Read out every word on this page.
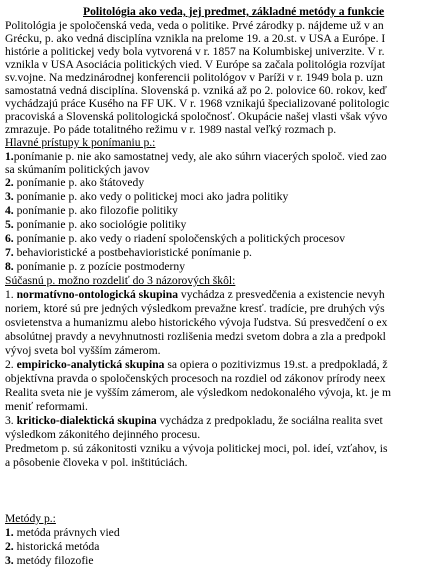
Politológia ako veda, jej predmet, základné metódy a funkcie
Politológia je spoločenská veda, veda o politike. Prvé zárodky p. nájdeme už v an
Grécku, p. ako vedná disciplína vznikla na prelome 19. a 20.st. v USA a Európe. I
histórie a politickej vedy bola vytvorená v r. 1857 na Kolumbiskej univerzite. V r.
vznikla v USA Asociácia politických vied. V Európe sa začala politológia rozvíjat
sv.vojne. Na medzinárodnej konferencii politológov v Paríži v r. 1949 bola p. uzn
samostatná vedná disciplína. Slovenská p. vzniká až po 2. polovice 60. rokov, keď
vychádzajú práce Kusého na FF UK. V r. 1968 vznikajú špecializované politologic
pracovisk​á a Slovenská politologická spoločnosť. Okupácie našej vlasti však vývo
zmrazuje. Po páde totalitného režimu v r. 1989 nastal veľký rozmach p.
Hlavné prístupy k ponímaniu p.:
1.ponímanie p. nie ako samostatnej vedy, ale ako súhrn viacerých spoloč. vied zao
sa skúmaním politických javov
2. ponímanie p. ako štátovedy
3. ponímanie p. ako vedy o politickej moci ako jadra politiky
4. ponímanie p. ako filozofie politiky
5. ponímanie p. ako sociológie politiky
6. ponímanie p. ako vedy o riadení spoločenských a politických procesov
7. behavioristické a postbehavioristické ponímanie p.
8. ponímanie p. z pozície postmoderny
Súčasnú p. možno rozdeliť do 3 názorových škôl:
1. normatívno-ontologická skupina vychádza z presvedčenia a existencie nevyh
noriem, ktoré sú pre jedných výsledkom prevažne kresť. tradície, pre druhých výs
osvietenstva a humanizmu alebo historického vývoja ľudstva. Sú presvedčení o ex
absolútnej pravdy a nevyhnutnosti rozlišenia medzi svetom dobra a zla a predpokl
vývoj sveta bol vyšším zámerom.
2. empiricko-analytická skupina sa opiera o pozitivizmus 19.st. a predpokladá, ž
objektívna pravda o spoločenských procesoch na rozdiel od zákonov prírody neex
Realita sveta nie je vyšším zámerom, ale výsledkom nedokonalého vývoja, kt. je m
meniť reformami.
3. kriticko-dialektická skupina vychádza z predpokladu, že sociálna realita svet
výsledkom zákonitého dejinného procesu.
Predmetom p. sú zákonitosti vzniku a vývoja politickej moci, pol. ideí, vzťahov, is
a pôsobenie človeka v pol. inštitúciách.
Metódy p.:
1. metóda právnych vied
2. historická metóda
3. metódy filozofie
